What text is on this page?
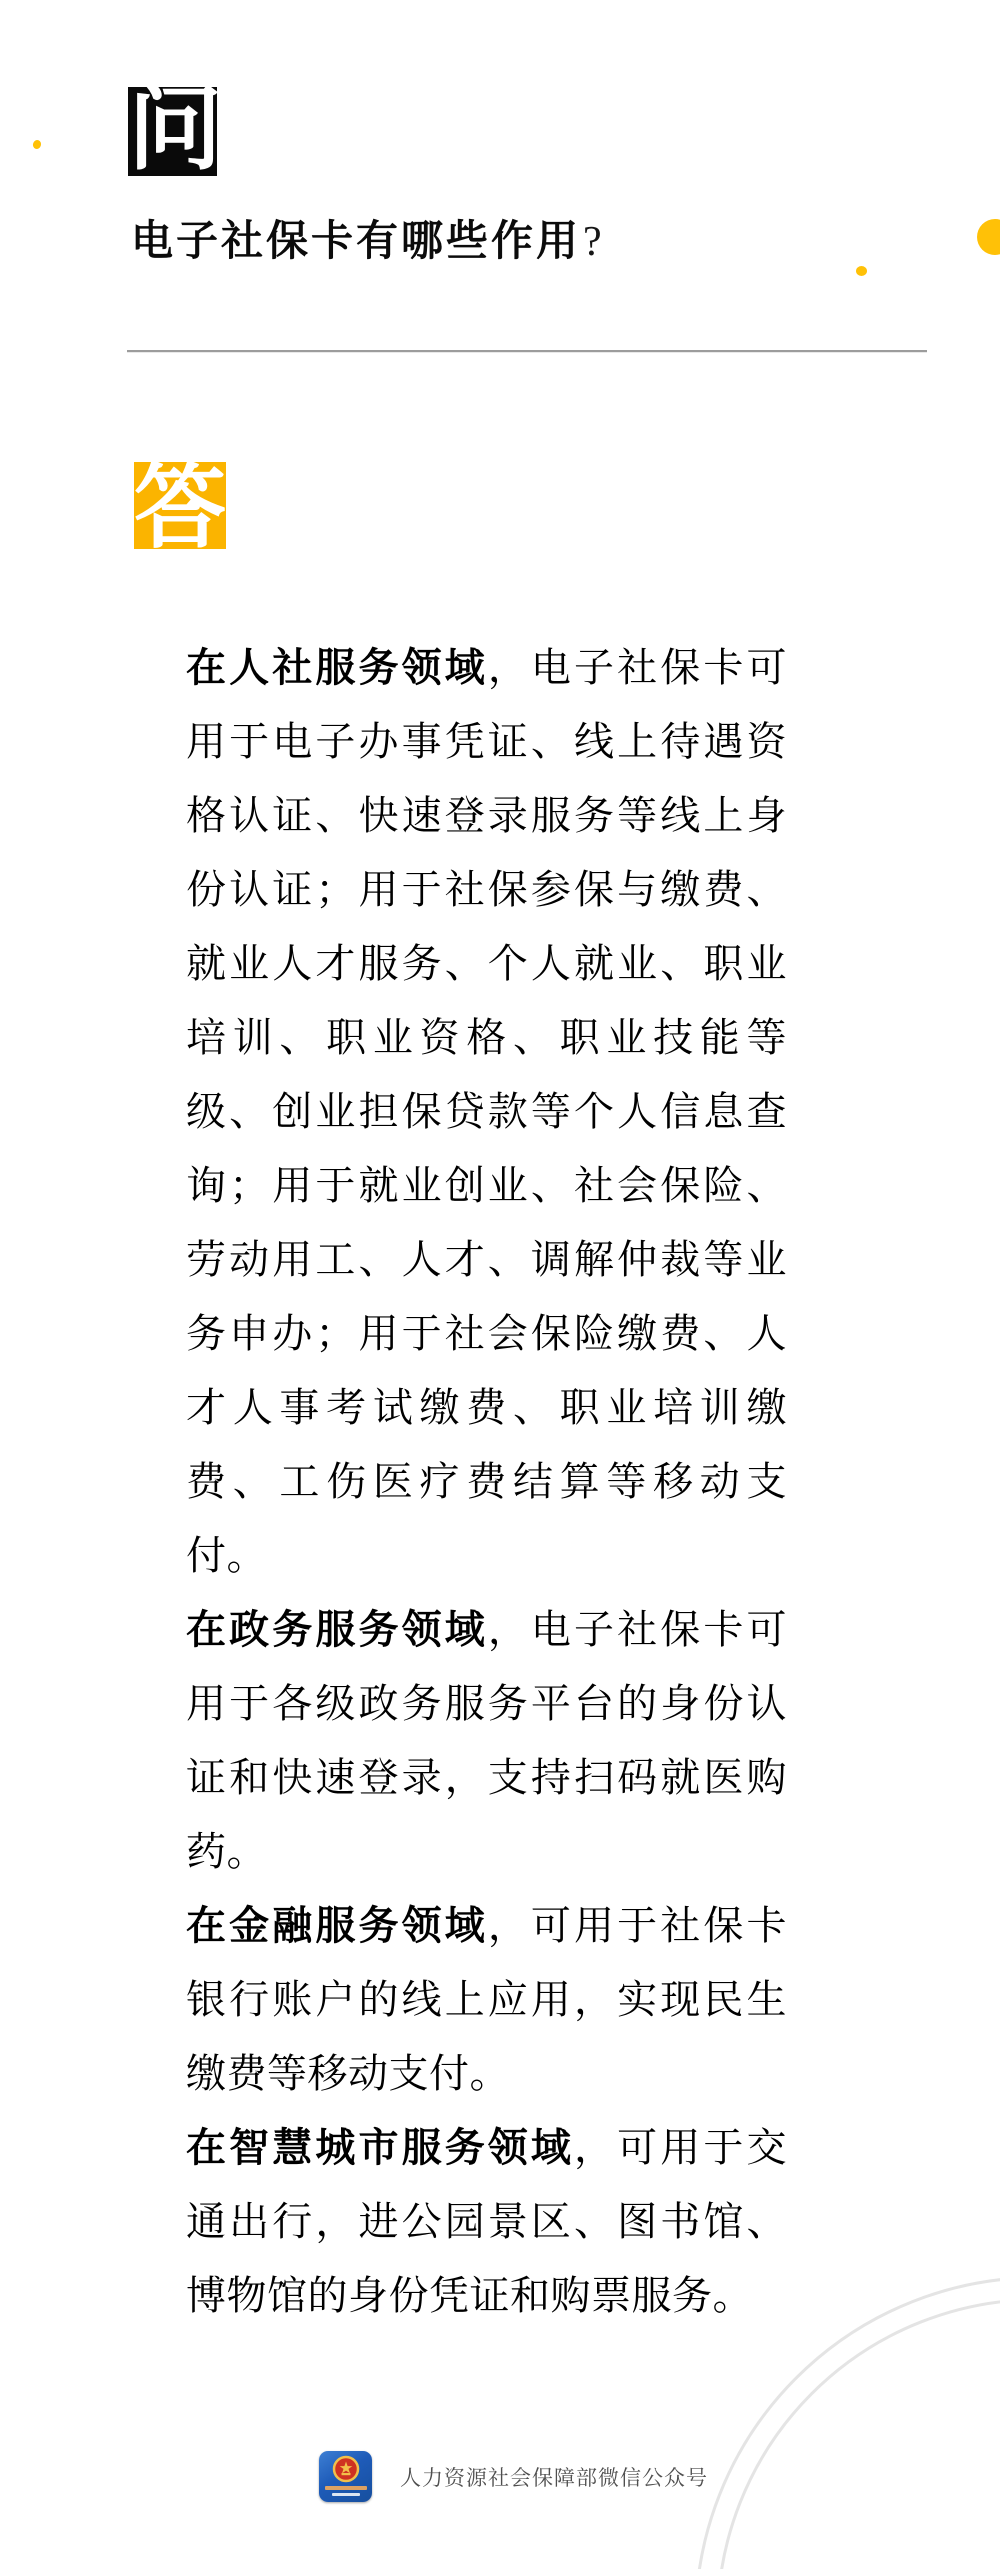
问
电子社保卡有哪些作用?
答

在人社服务领域，电子社保卡可用于电子办事凭证、线上待遇资格认证、快速登录服务等线上身份认证；用于社保参保与缴费、就业人才服务、个人就业、职业培训、职业资格、职业技能等级、创业担保贷款等个人信息查询；用于就业创业、社会保险、劳动用工、人才、调解仲裁等业务申办；用于社会保险缴费、人才人事考试缴费、职业培训缴费、工伤医疗费结算等移动支付。

在政务服务领域，电子社保卡可用于各级政务服务平台的身份认证和快速登录，支持扫码就医购药。

在金融服务领域，可用于社保卡银行账户的线上应用，实现民生缴费等移动支付。

在智慧城市服务领域，可用于交通出行，进公园景区、图书馆、博物馆的身份凭证和购票服务。

人力资源社会保障部微信公众号
